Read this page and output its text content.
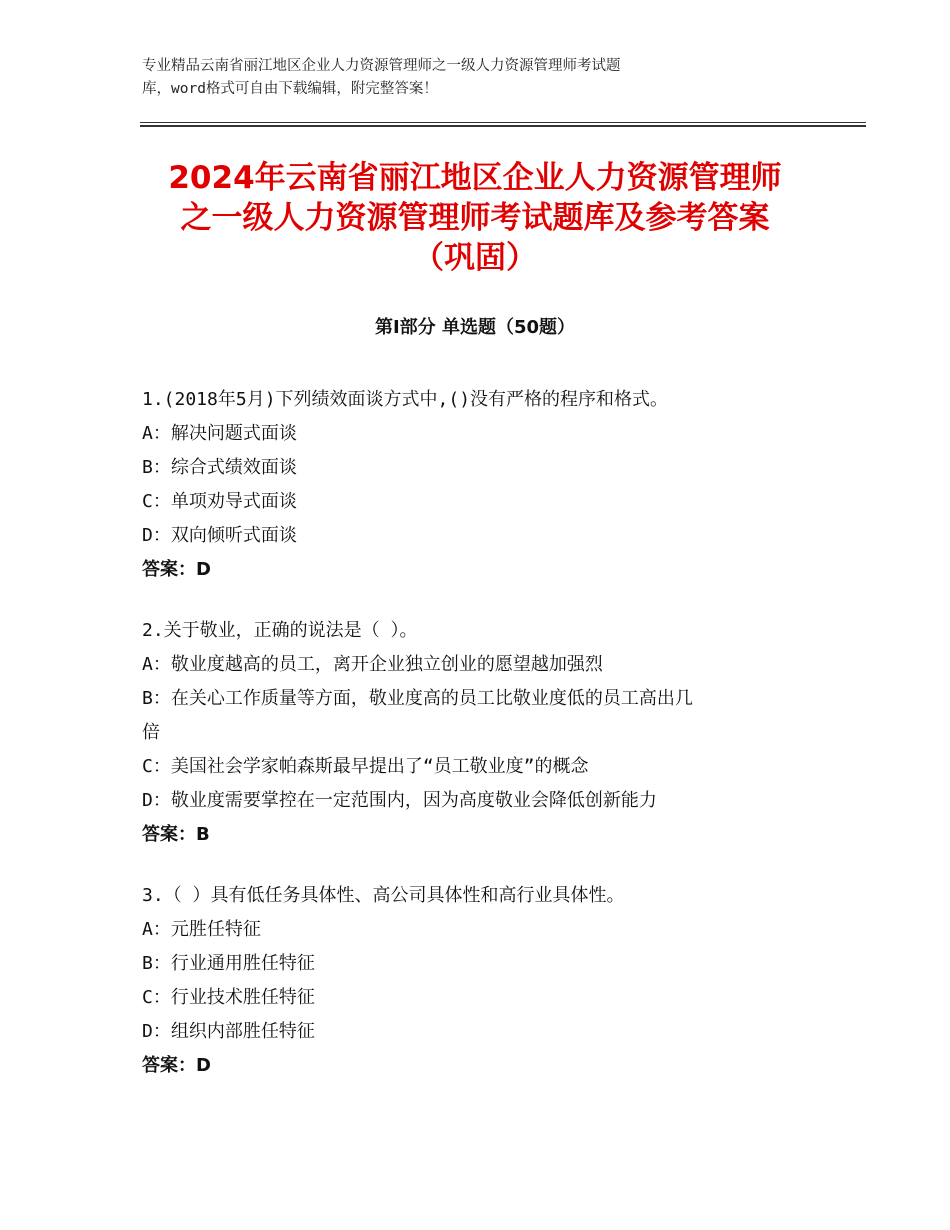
专业精品云南省丽江地区企业人力资源管理师之一级人力资源管理师考试题
库，word格式可自由下载编辑，附完整答案！
2024年云南省丽江地区企业人力资源管理师
之一级人力资源管理师考试题库及参考答案
（巩固）
第Ⅰ部分 单选题（50题）
1.(2018年5月)下列绩效面谈方式中,()没有严格的程序和格式。
A：解决问题式面谈
B：综合式绩效面谈
C：单项劝导式面谈
D：双向倾听式面谈
答案：D
2.关于敬业，正确的说法是（ ）。
A：敬业度越高的员工，离开企业独立创业的愿望越加强烈
B：在关心工作质量等方面，敬业度高的员工比敬业度低的员工高出几
倍
C：美国社会学家帕森斯最早提出了“员工敬业度”的概念
D：敬业度需要掌控在一定范围内，因为高度敬业会降低创新能力
答案：B
3.（ ）具有低任务具体性、高公司具体性和高行业具体性。
A：元胜任特征
B：行业通用胜任特征
C：行业技术胜任特征
D：组织内部胜任特征
答案：D
